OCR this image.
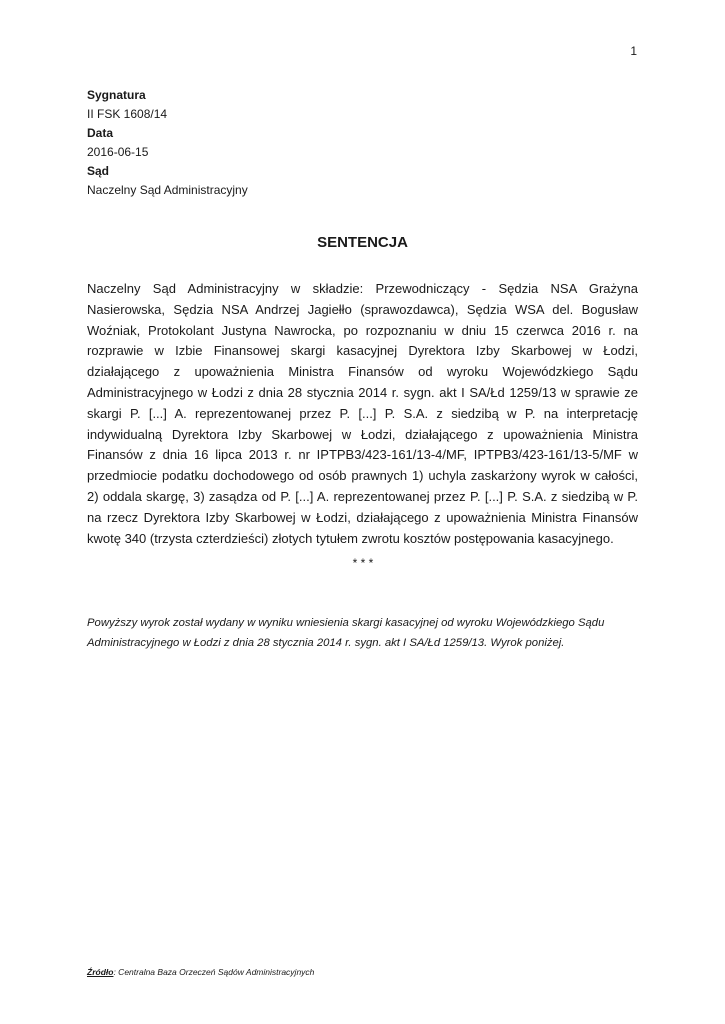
1
Sygnatura
II FSK 1608/14
Data
2016-06-15
Sąd
Naczelny Sąd Administracyjny
SENTENCJA
Naczelny Sąd Administracyjny w składzie: Przewodniczący - Sędzia NSA Grażyna Nasierowska, Sędzia NSA Andrzej Jagiełło (sprawozdawca), Sędzia WSA del. Bogusław Woźniak, Protokolant Justyna Nawrocka, po rozpoznaniu w dniu 15 czerwca 2016 r. na rozprawie w Izbie Finansowej skargi kasacyjnej Dyrektora Izby Skarbowej w Łodzi, działającego z upoważnienia Ministra Finansów od wyroku Wojewódzkiego Sądu Administracyjnego w Łodzi z dnia 28 stycznia 2014 r. sygn. akt I SA/Łd 1259/13 w sprawie ze skargi P. [...] A. reprezentowanej przez P. [...] P. S.A. z siedzibą w P. na interpretację indywidualną Dyrektora Izby Skarbowej w Łodzi, działającego z upoważnienia Ministra Finansów z dnia 16 lipca 2013 r. nr IPTPB3/423-161/13-4/MF, IPTPB3/423-161/13-5/MF w przedmiocie podatku dochodowego od osób prawnych 1) uchyla zaskarżony wyrok w całości, 2) oddala skargę, 3) zasądza od P. [...] A. reprezentowanej przez P. [...] P. S.A. z siedzibą w P. na rzecz Dyrektora Izby Skarbowej w Łodzi, działającego z upoważnienia Ministra Finansów kwotę 340 (trzysta czterdzieści) złotych tytułem zwrotu kosztów postępowania kasacyjnego.
* * *
Powyższy wyrok został wydany w wyniku wniesienia skargi kasacyjnej od wyroku Wojewódzkiego Sądu Administracyjnego w Łodzi z dnia 28 stycznia 2014 r. sygn. akt I SA/Łd 1259/13. Wyrok poniżej.
Źródło: Centralna Baza Orzeczeń Sądów Administracyjnych
